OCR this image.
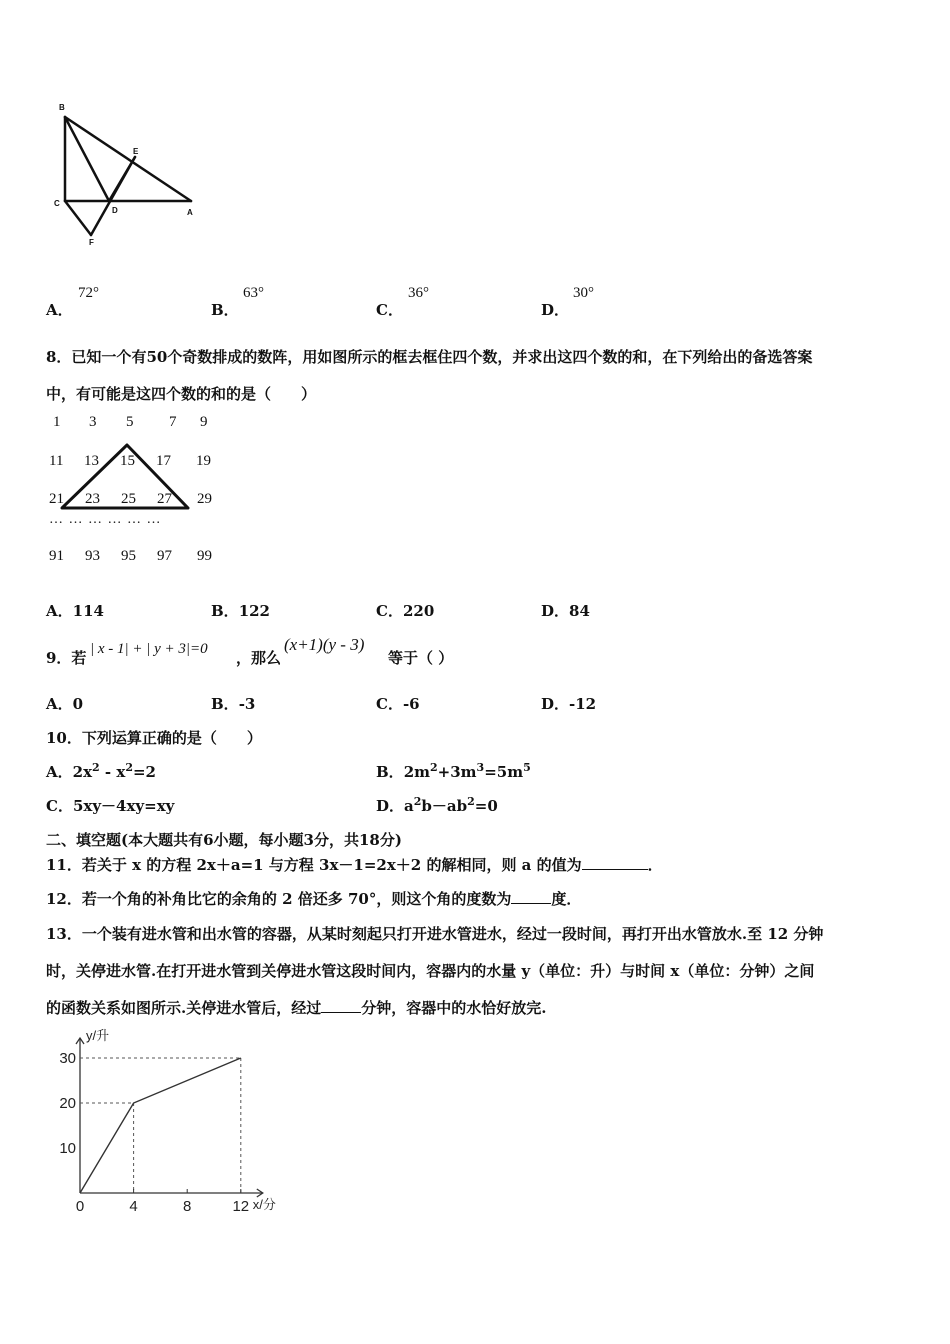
B
E
C
D	A
F
A．
72°
B．
63°
C．
36°
D．
30°
8．已知一个有50个奇数排成的数阵，用如图所示的框去框住四个数，并求出这四个数的和，在下列给出的备选答案
中，有可能是这四个数的和的是（　　）
1 3 5 7 9
11 13 15 17 19
21 23 25 27 29
… … … … … …
91 93 95 97 99
A．114	B．122	C．220	D．84
9．若 | x - 1| + | y + 3|=0 ，那么
(x+1)(y - 3)
等于（ ）
A．0	B．-3	C．-6	D．-12
10．下列运算正确的是（　　）
A．$2x^2 - x^2=2$	B．$2m^2+3m^3=5m^5$
C．5xy－4xy=xy	D．$a^2b-ab^2=0$
二、填空题(本大题共有6小题，每小题3分，共18分)
11．若关于 x 的方程 2x＋a=1 与方程 3x－1=2x＋2 的解相同，则 a 的值为	．
12．若一个角的补角比它的余角的 2 倍还多 70°，则这个角的度数为	度．
13．一个装有进水管和出水管的容器，从某时刻起只打开进水管进水，经过一段时间，再打开出水管放水.至 12 分钟
时，关停进水管.在打开进水管到关停进水管这段时间内，容器内的水量 y（单位：升）与时间 x（单位：分钟）之间
的函数关系如图所示.关停进水管后，经过	分钟，容器中的水恰好放完.
0	4	8	12
10
20
30
y/升
x/分
